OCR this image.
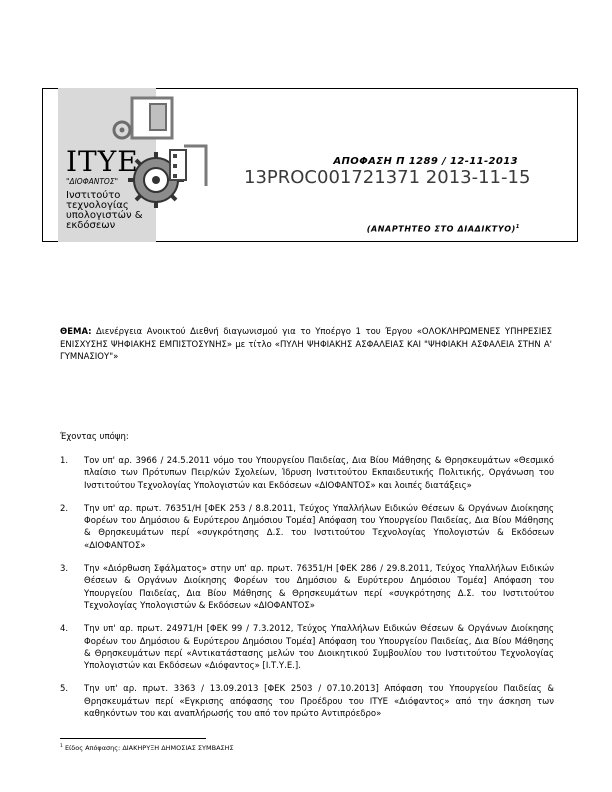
ΙΤΥΕ
"ΔΙΟΦΑΝΤΟΣ"
Ινστιτούτο
τεχνολογίας
υπολογιστών & εκδόσεων
ΑΠΟΦΑΣΗ Π 1289 / 12-11-2013
13PROC001721371 2013-11-15
(ΑΝΑΡΤΗΤΕΟ ΣΤΟ ΔΙΑΔΙΚΤΥΟ)$^1$
ΘΕΜΑ: Διενέργεια Ανοικτού Διεθνή διαγωνισμού για το Υποέργο 1 του Έργου «ΟΛΟΚΛΗΡΩΜΕΝΕΣ ΥΠΗΡΕΣΙΕΣ ΕΝΙΣΧΥΣΗΣ ΨΗΦΙΑΚΗΣ ΕΜΠΙΣΤΟΣΥΝΗΣ» με τίτλο «ΠΥΛΗ ΨΗΦΙΑΚΗΣ ΑΣΦΑΛΕΙΑΣ ΚΑΙ "ΨΗΦΙΑΚΗ ΑΣΦΑΛΕΙΑ ΣΤΗΝ Α' ΓΥΜΝΑΣΙΟΥ"»
Έχοντας υπόψη:
1. Τον υπ' αρ. 3966 / 24.5.2011 νόμο του Υπουργείου Παιδείας, Δια Βίου Μάθησης & Θρησκευμάτων «Θεσμικό πλαίσιο των Πρότυπων Πειρ/κών Σχολείων, Ίδρυση Ινστιτούτου Εκπαιδευτικής Πολιτικής, Οργάνωση του Ινστιτούτου Τεχνολογίας Υπολογιστών και Εκδόσεων «ΔΙΟΦΑΝΤΟΣ» και λοιπές διατάξεις»
2. Την υπ' αρ. πρωτ. 76351/Η [ΦΕΚ 253 / 8.8.2011, Τεύχος Υπαλλήλων Ειδικών Θέσεων & Οργάνων Διοίκησης Φορέων του Δημόσιου & Ευρύτερου Δημόσιου Τομέα] Απόφαση του Υπουργείου Παιδείας, Δια Βίου Μάθησης & Θρησκευμάτων περί «συγκρότησης Δ.Σ. του Ινστιτούτου Τεχνολογίας Υπολογιστών & Εκδόσεων «ΔΙΟΦΑΝΤΟΣ»
3. Την «Διόρθωση Σφάλματος» στην υπ' αρ. πρωτ. 76351/Η [ΦΕΚ 286 / 29.8.2011, Τεύχος Υπαλλήλων Ειδικών Θέσεων & Οργάνων Διοίκησης Φορέων του Δημόσιου & Ευρύτερου Δημόσιου Τομέα] Απόφαση του Υπουργείου Παιδείας, Δια Βίου Μάθησης & Θρησκευμάτων περί «συγκρότησης Δ.Σ. του Ινστιτούτου Τεχνολογίας Υπολογιστών & Εκδόσεων «ΔΙΟΦΑΝΤΟΣ»
4. Την υπ' αρ. πρωτ. 24971/Η [ΦΕΚ 99 / 7.3.2012, Τεύχος Υπαλλήλων Ειδικών Θέσεων & Οργάνων Διοίκησης Φορέων του Δημόσιου & Ευρύτερου Δημόσιου Τομέα] Απόφαση του Υπουργείου Παιδείας, Δια Βίου Μάθησης & Θρησκευμάτων περί «Αντικατάστασης μελών του Διοικητικού Συμβουλίου του Ινστιτούτου Τεχνολογίας Υπολογιστών και Εκδόσεων «Διόφαντος» [Ι.Τ.Υ.Ε.].
5. Την υπ' αρ. πρωτ. 3363 / 13.09.2013 [ΦΕΚ 2503 / 07.10.2013] Απόφαση του Υπουργείου Παιδείας & Θρησκευμάτων περί «Εγκρισης απόφασης του Προέδρου του ΙΤΥΕ «Διόφαντος» από την άσκηση των καθηκόντων του και αναπλήρωσής του από τον πρώτο Αντιπρόεδρο»
$^1$ Είδος Απόφασης: ΔΙΑΚΗΡΥΞΗ ΔΗΜΟΣΙΑΣ ΣΥΜΒΑΣΗΣ
